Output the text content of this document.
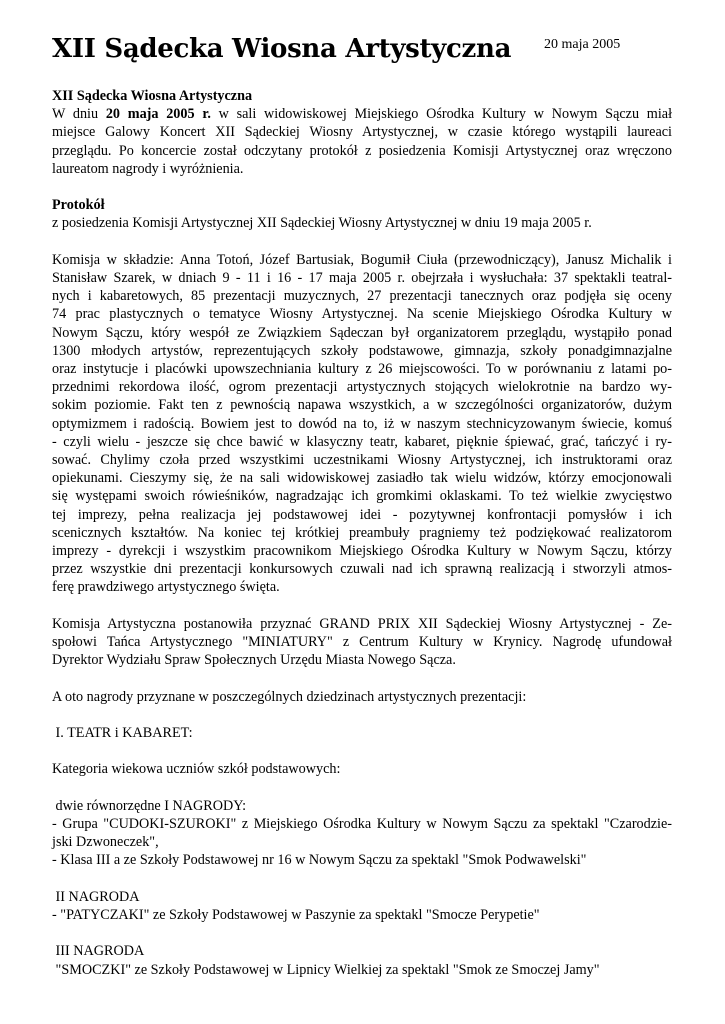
XII Sądecka Wiosna Artystyczna 20 maja 2005
XII Sądecka Wiosna Artystyczna
W dniu 20 maja 2005 r. w sali widowiskowej Miejskiego Ośrodka Kultury w Nowym Sączu miał
miejsce Galowy Koncert XII Sądeckiej Wiosny Artystycznej, w czasie którego wystąpili laureaci
przeglądu. Po koncercie został odczytany protokół z posiedzenia Komisji Artystycznej oraz wręczono
laureatom nagrody i wyróżnienia.
Protokół
z posiedzenia Komisji Artystycznej XII Sądeckiej Wiosny Artystycznej w dniu 19 maja 2005 r.
Komisja w składzie: Anna Totoń, Józef Bartusiak, Bogumił Ciuła (przewodniczący), Janusz Michalik i
Stanisław Szarek, w dniach 9 - 11 i 16 - 17 maja 2005 r. obejrzała i wysłuchała: 37 spektakli teatral-
nych i kabaretowych, 85 prezentacji muzycznych, 27 prezentacji tanecznych oraz podjęła się oceny
74 prac plastycznych o tematyce Wiosny Artystycznej. Na scenie Miejskiego Ośrodka Kultury w
Nowym Sączu, który wespół ze Związkiem Sądeczan był organizatorem przeglądu, wystąpiło ponad
1300 młodych artystów, reprezentujących szkoły podstawowe, gimnazja, szkoły ponadgimnazjalne
oraz instytucje i placówki upowszechniania kultury z 26 miejscowości. To w porównaniu z latami po-
przednimi rekordowa ilość, ogrom prezentacji artystycznych stojących wielokrotnie na bardzo wy-
sokim poziomie. Fakt ten z pewnością napawa wszystkich, a w szczególności organizatorów, dużym
optymizmem i radością. Bowiem jest to dowód na to, iż w naszym stechnicyzowanym świecie, komuś
- czyli wielu - jeszcze się chce bawić w klasyczny teatr, kabaret, pięknie śpiewać, grać, tańczyć i ry-
sować. Chylimy czoła przed wszystkimi uczestnikami Wiosny Artystycznej, ich instruktorami oraz
opiekunami. Cieszymy się, że na sali widowiskowej zasiadło tak wielu widzów, którzy emocjonowali
się występami swoich rówieśników, nagradzając ich gromkimi oklaskami. To też wielkie zwycięstwo
tej imprezy, pełna realizacja jej podstawowej idei - pozytywnej konfrontacji pomysłów i ich
scenicznych kształtów. Na koniec tej krótkiej preambuły pragniemy też podziękować realizatorom
imprezy - dyrekcji i wszystkim pracownikom Miejskiego Ośrodka Kultury w Nowym Sączu, którzy
przez wszystkie dni prezentacji konkursowych czuwali nad ich sprawną realizacją i stworzyli atmos-
ferę prawdziwego artystycznego święta.
Komisja Artystyczna postanowiła przyznać GRAND PRIX XII Sądeckiej Wiosny Artystycznej - Ze-
społowi Tańca Artystycznego "MINIATURY" z Centrum Kultury w Krynicy. Nagrodę ufundował
Dyrektor Wydziału Spraw Społecznych Urzędu Miasta Nowego Sącza.
A oto nagrody przyznane w poszczególnych dziedzinach artystycznych prezentacji:
I. TEATR i KABARET:
Kategoria wiekowa uczniów szkół podstawowych:
dwie równorzędne I NAGRODY:
- Grupa "CUDOKI-SZUROKI" z Miejskiego Ośrodka Kultury w Nowym Sączu za spektakl "Czarodzie-
jski Dzwoneczek",
- Klasa III a ze Szkoły Podstawowej nr 16 w Nowym Sączu za spektakl "Smok Podwawelski"
II NAGRODA
- "PATYCZAKI" ze Szkoły Podstawowej w Paszynie za spektakl "Smocze Perypetie"
III NAGRODA
"SMOCZKI" ze Szkoły Podstawowej w Lipnicy Wielkiej za spektakl "Smok ze Smoczej Jamy"
